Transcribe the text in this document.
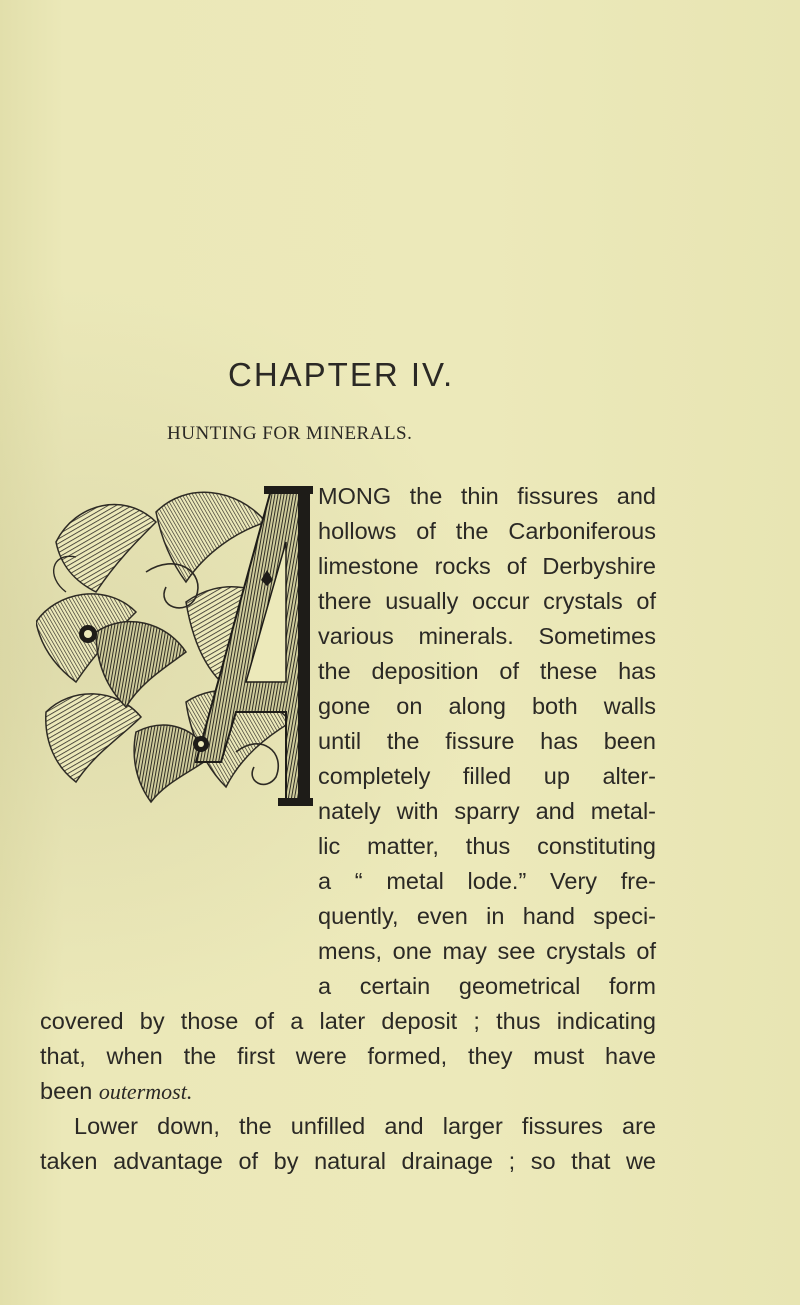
CHAPTER IV.
HUNTING FOR MINERALS.
MONG the thin fissures and
hollows of the Carboniferous
limestone rocks of Derbyshire
there usually occur crystals of
various minerals. Sometimes
the deposition of these has
gone on along both walls
until the fissure has been
completely filled up alter-
nately with sparry and metal-
lic matter, thus constituting
a “ metal lode.” Very fre-
quently, even in hand speci-
mens, one may see crystals of
a certain geometrical form
covered by those of a later deposit ; thus indicating
that, when the first were formed, they must have
been outermost.
Lower down, the unfilled and larger fissures are
taken advantage of by natural drainage ; so that we
